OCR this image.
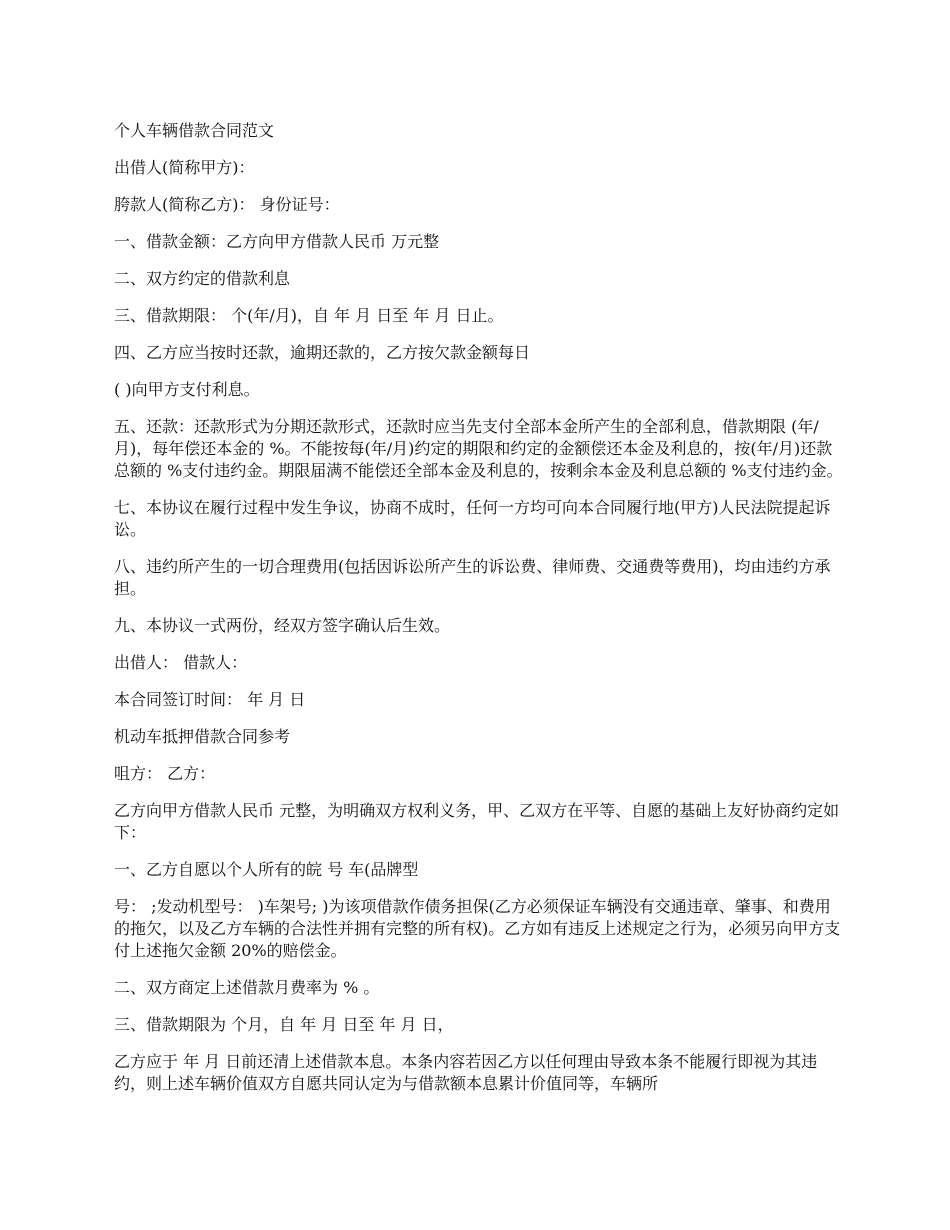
个人车辆借款合同范文

出借人(简称甲方)：

胯款人(简称乙方)： 身份证号：

一、借款金额：乙方向甲方借款人民币 万元整

二、双方约定的借款利息

三、借款期限： 个(年/月)，自 年 月 日至 年 月 日止。

四、乙方应当按时还款，逾期还款的，乙方按欠款金额每日

( )向甲方支付利息。

五、还款：还款形式为分期还款形式，还款时应当先支付全部本金所产生的全部利息，借款期限 (年/月)，每年偿还本金的 %。不能按每(年/月)约定的期限和约定的金额偿还本金及利息的，按(年/月)还款总额的 %支付违约金。期限届满不能偿还全部本金及利息的，按剩余本金及利息总额的 %支付违约金。

七、本协议在履行过程中发生争议，协商不成时，任何一方均可向本合同履行地(甲方)人民法院提起诉讼。

八、违约所产生的一切合理费用(包括因诉讼所产生的诉讼费、律师费、交通费等费用)，均由违约方承担。

九、本协议一式两份，经双方签字确认后生效。

出借人： 借款人：

本合同签订时间： 年 月 日

机动车抵押借款合同参考

咀方： 乙方：

乙方向甲方借款人民币 元整，为明确双方权利义务，甲、乙双方在平等、自愿的基础上友好协商约定如下：

一、乙方自愿以个人所有的皖 号 车(品牌型

号： ;发动机型号： )车架号; )为该项借款作债务担保(乙方必须保证车辆没有交通违章、肇事、和费用的拖欠，以及乙方车辆的合法性并拥有完整的所有权)。乙方如有违反上述规定之行为，必须另向甲方支付上述拖欠金额 20%的赔偿金。

二、双方商定上述借款月费率为 % 。

三、借款期限为 个月，自 年 月 日至 年 月 日，

乙方应于 年 月 日前还清上述借款本息。本条内容若因乙方以任何理由导致本条不能履行即视为其违约，则上述车辆价值双方自愿共同认定为与借款额本息累计价值同等，车辆所
